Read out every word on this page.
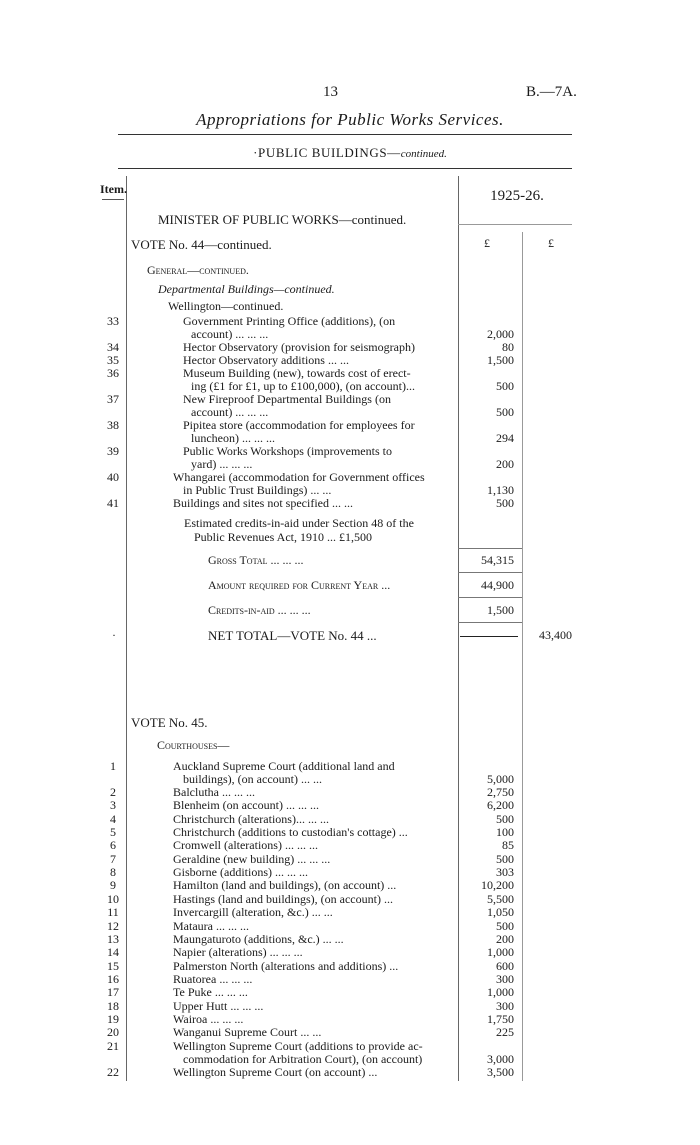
13	B.—7A.
Appropriations for Public Works Services.
·PUBLIC BUILDINGS—continued.
Item.	1925-26.
£	£
MINISTER OF PUBLIC WORKS—continued.
VOTE No. 44—continued.
General—continued.
Departmental Buildings—continued.
Wellington—continued.
33	Government Printing Office (additions), (on
account) ... ... ...	2,000
34	Hector Observatory (provision for seismograph)	80
35	Hector Observatory additions ... ...	1,500
36	Museum Building (new), towards cost of erect-
ing (£1 for £1, up to £100,000), (on account)...	500
37	New Fireproof Departmental Buildings (on
account) ... ... ...	500
38	Pipitea store (accommodation for employees for
luncheon) ... ... ...	294
39	Public Works Workshops (improvements to
yard) ... ... ...	200
40	Whangarei (accommodation for Government offices
in Public Trust Buildings) ... ...	1,130
41	Buildings and sites not specified ... ...	500
Estimated credits-in-aid under Section 48 of the
Public Revenues Act, 1910 ... £1,500
Gross Total ... ... ...	54,315
Amount required for Current Year ...	44,900
Credits-in-aid ... ... ...	1,500
NET TOTAL—VOTE No. 44 ...	43,400
·
VOTE No. 45.
Courthouses—
1	Auckland Supreme Court (additional land and
buildings), (on account) ... ...	5,000
2	Balclutha ... ... ...	2,750
3	Blenheim (on account) ... ... ...	6,200
4	Christchurch (alterations)... ... ...	500
5	Christchurch (additions to custodian's cottage) ...	100
6	Cromwell (alterations) ... ... ...	85
7	Geraldine (new building) ... ... ...	500
8	Gisborne (additions) ... ... ...	303
9	Hamilton (land and buildings), (on account) ...	10,200
10	Hastings (land and buildings), (on account) ...	5,500
11	Invercargill (alteration, &c.) ... ...	1,050
12	Mataura ... ... ...	500
13	Maungaturoto (additions, &c.) ... ...	200
14	Napier (alterations) ... ... ...	1,000
15	Palmerston North (alterations and additions) ...	600
16	Ruatorea ... ... ...	300
17	Te Puke ... ... ...	1,000
18	Upper Hutt ... ... ...	300
19	Wairoa ... ... ...	1,750
20	Wanganui Supreme Court ... ...	225
21	Wellington Supreme Court (additions to provide ac-
commodation for Arbitration Court), (on account)	3,000
22	Wellington Supreme Court (on account) ...	3,500
